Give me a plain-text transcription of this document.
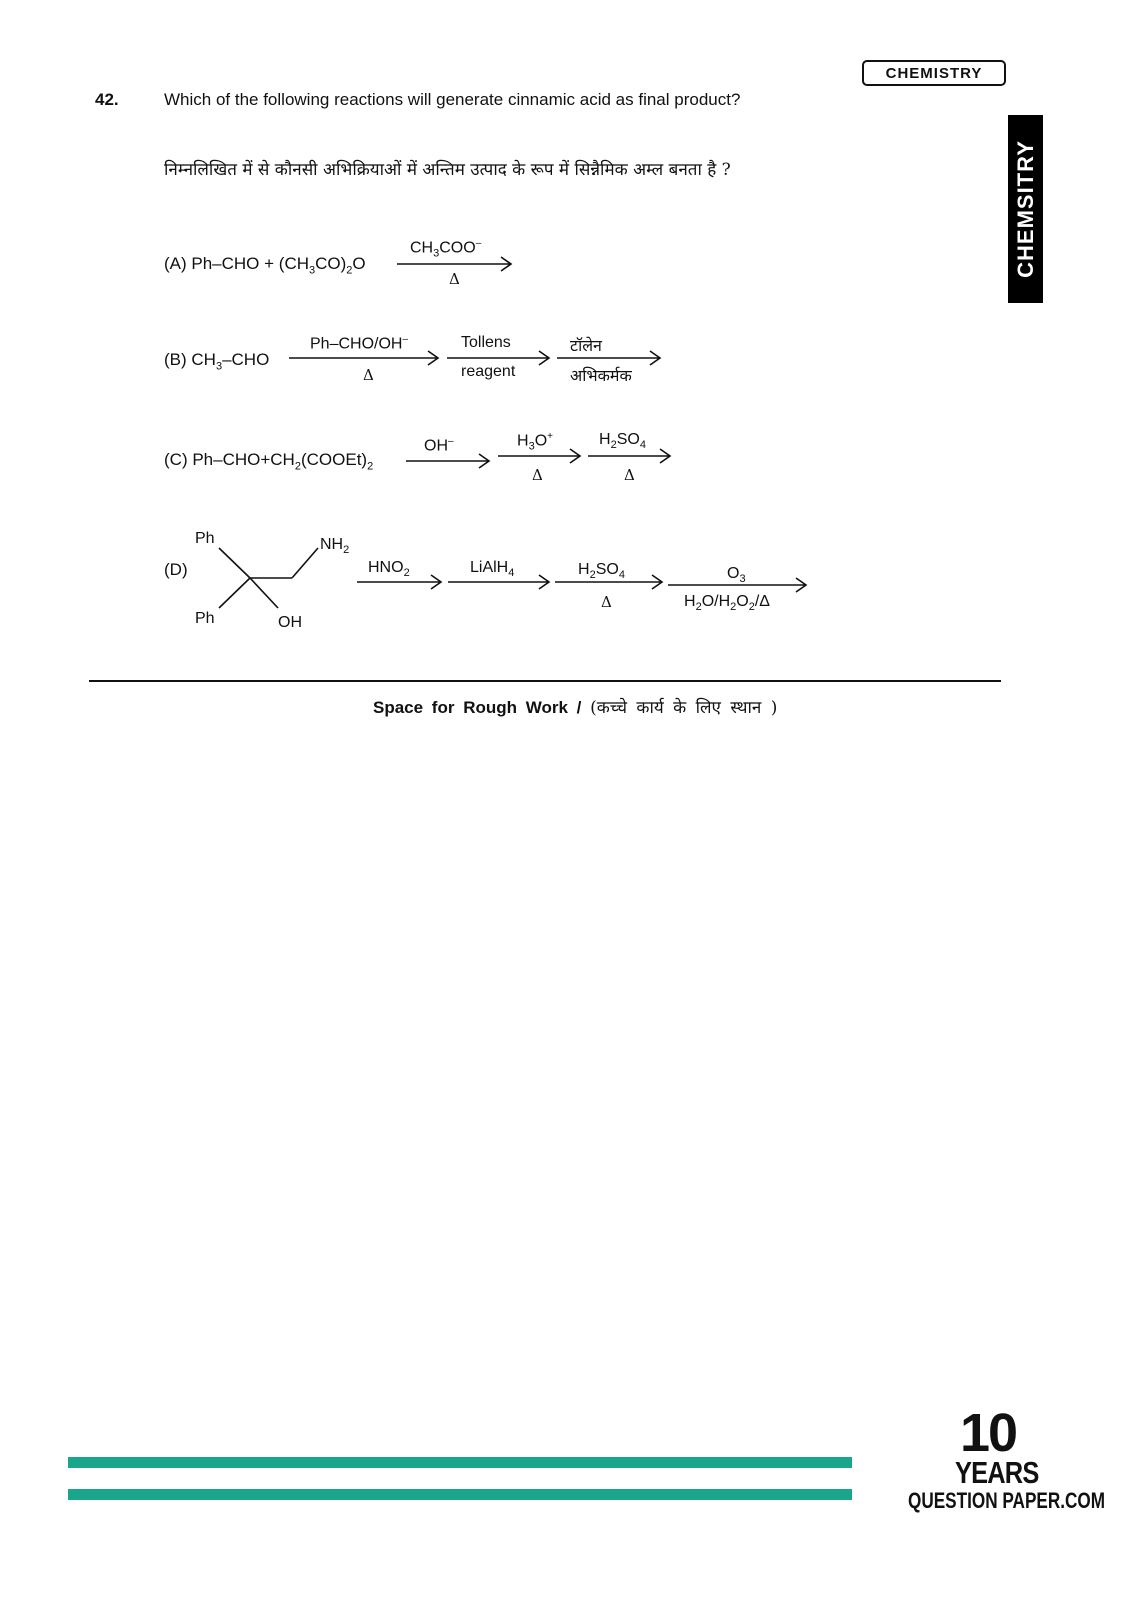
CHEMISTRY
CHEMSITRY
42.	Which of the following reactions will generate cinnamic acid as final product?
निम्नलिखित में से कौनसी अभिक्रियाओं में अन्तिम उत्पाद के रूप में सिन्नैमिक अम्ल बनता है ?
(A) $Ph-CHO + (CH_3CO)_2O$
$CH_3COO^-$
Δ
(B) $CH_3$–CHO
Ph–CHO/OH–
Δ
Tollens
reagent
टॉलेन
अभिकर्मक
(C) $Ph-CHO+CH_2(COOEt)_2$
OH–	$H_3O^+$
Δ
$H_2SO_4$
Δ
(D)
Ph
Ph
$NH_2$
OH
$HNO_2$	LiAlH$_4$	$H_2SO_4$
Δ
$O_3$
$H_2O/H_2O_2/\Delta$
Space for Rough Work / (कच्चे कार्य के लिए स्थान )
10
YEARS
QUESTION PAPER.COM
